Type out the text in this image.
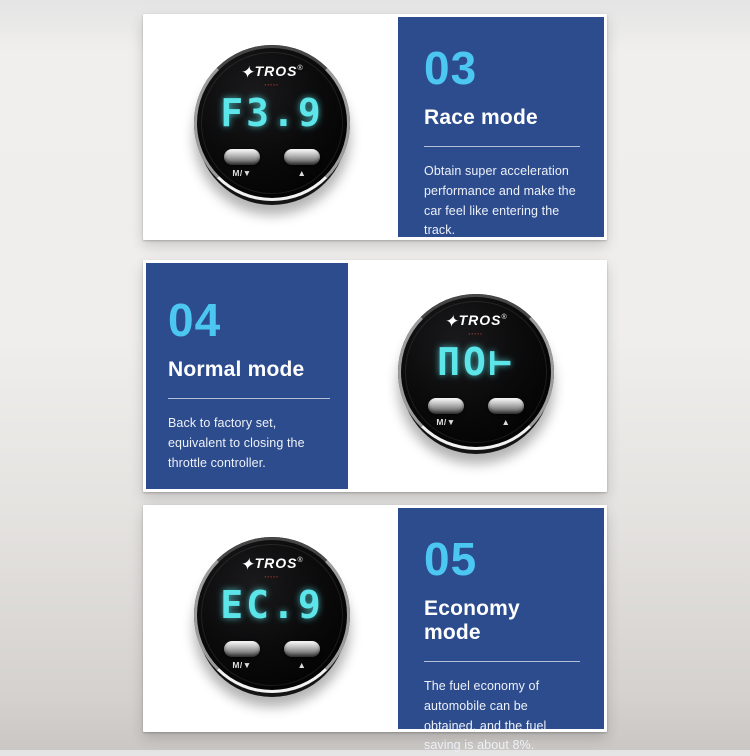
✦TROS®
▪▪▪▪▪
F3.9
M/▼	▲
03
Race mode

Obtain super acceleration performance and make the car feel like entering the track.

04
Normal mode

Back to factory set, equivalent to closing the throttle controller.

✦TROS®
▪▪▪▪▪
ΠO⊢
M/▼	▲
✦TROS®
▪▪▪▪▪
EC.9
M/▼	▲
05
Economy mode

The fuel economy of automobile can be obtained, and the fuel saving is about 8%.
